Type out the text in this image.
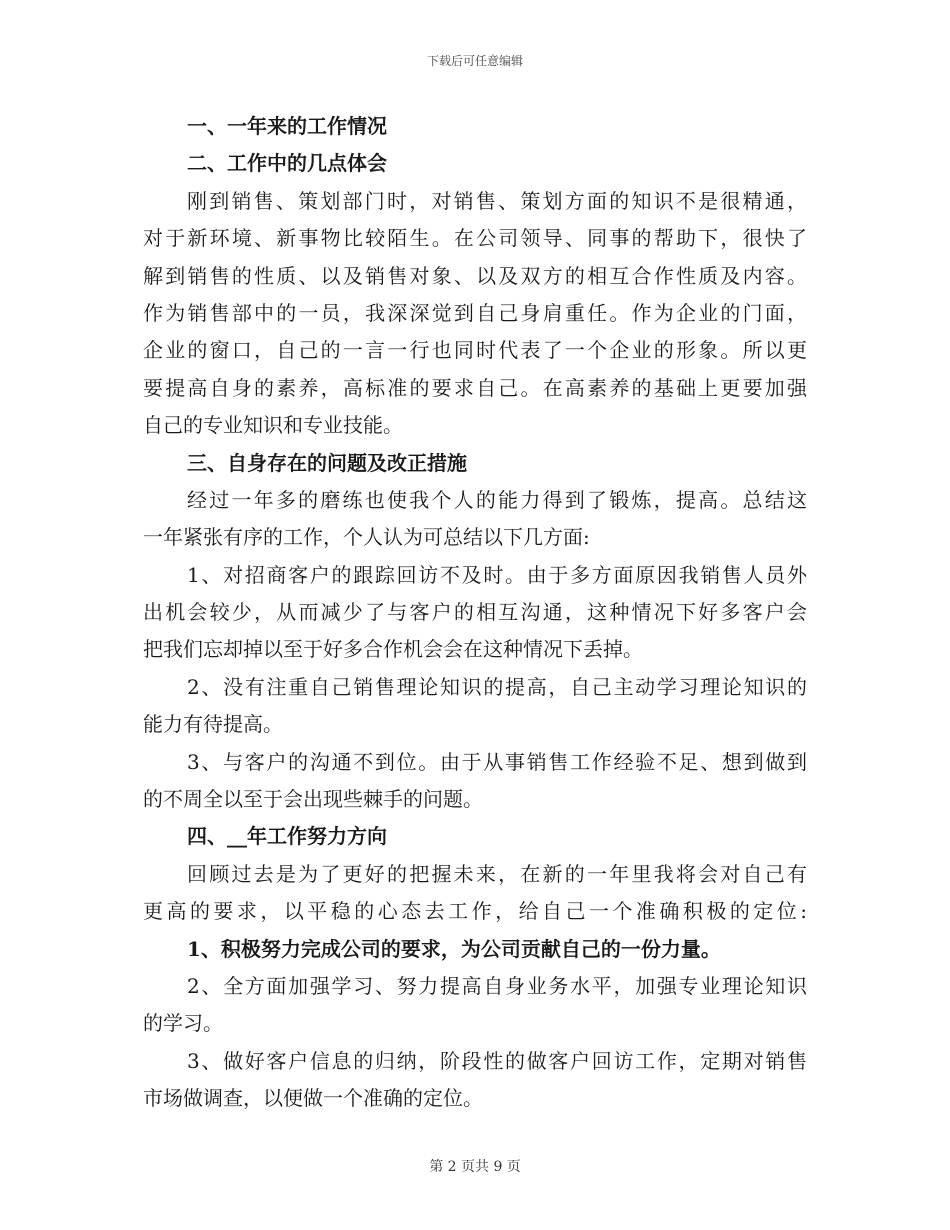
下载后可任意编辑
一、一年来的工作情况
二、工作中的几点体会
刚到销售、策划部门时，对销售、策划方面的知识不是很精通，
对于新环境、新事物比较陌生。在公司领导、同事的帮助下，很快了
解到销售的性质、以及销售对象、以及双方的相互合作性质及内容。
作为销售部中的一员，我深深觉到自己身肩重任。作为企业的门面，
企业的窗口，自己的一言一行也同时代表了一个企业的形象。所以更
要提高自身的素养，高标准的要求自己。在高素养的基础上更要加强
自己的专业知识和专业技能。
三、自身存在的问题及改正措施
经过一年多的磨练也使我个人的能力得到了锻炼，提高。总结这
一年紧张有序的工作，个人认为可总结以下几方面:
1、对招商客户的跟踪回访不及时。由于多方面原因我销售人员外
出机会较少，从而减少了与客户的相互沟通，这种情况下好多客户会
把我们忘却掉以至于好多合作机会会在这种情况下丢掉。
2、没有注重自己销售理论知识的提高，自己主动学习理论知识的
能力有待提高。
3、与客户的沟通不到位。由于从事销售工作经验不足、想到做到
的不周全以至于会出现些棘手的问题。
四、__年工作努力方向
回顾过去是为了更好的把握未来，在新的一年里我将会对自己有
更高的要求，以平稳的心态去工作，给自己一个准确积极的定位:
1、积极努力完成公司的要求，为公司贡献自己的一份力量。
2、全方面加强学习、努力提高自身业务水平，加强专业理论知识
的学习。
3、做好客户信息的归纳，阶段性的做客户回访工作，定期对销售
市场做调查，以便做一个准确的定位。
第 2 页共 9 页
